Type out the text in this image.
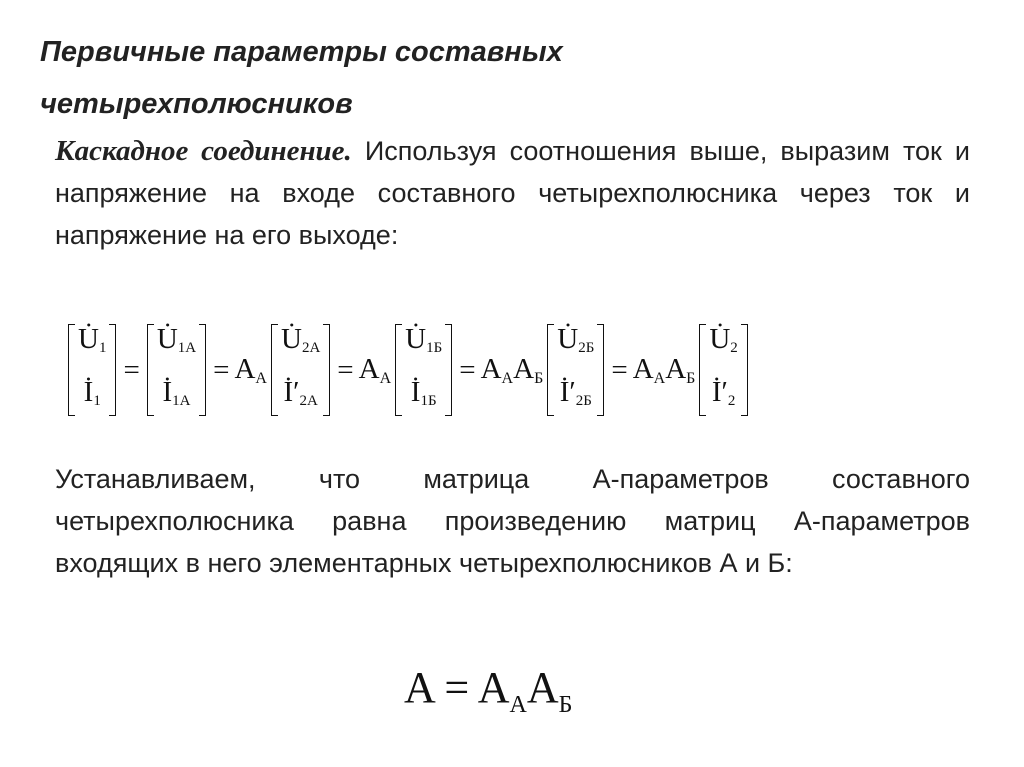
Первичные параметры составных
четырехполюсников
Каскадное соединение. Используя соотношения выше, выразим ток и напряжение на входе составного четырехполюсника через ток и напряжение на его выходе:
$U̇_1$
$İ_1$
=
$U̇_{1А}$
$İ_{1А}$
= $A_А$
$U̇_{2А}$
$İ'_{2А}$
= $A_А$
$U̇_{1Б}$
$İ_{1Б}$
= $A_АA_Б$
$U̇_{2Б}$
$İ'_{2Б}$
= $A_АA_Б$
$U̇_2$
$İ'_2$
Устанавливаем, что матрица А-параметров составного четырехполюсника равна произведению матриц А-параметров входящих в него элементарных четырехполюсников А и Б:
$A = A_АA_Б$
